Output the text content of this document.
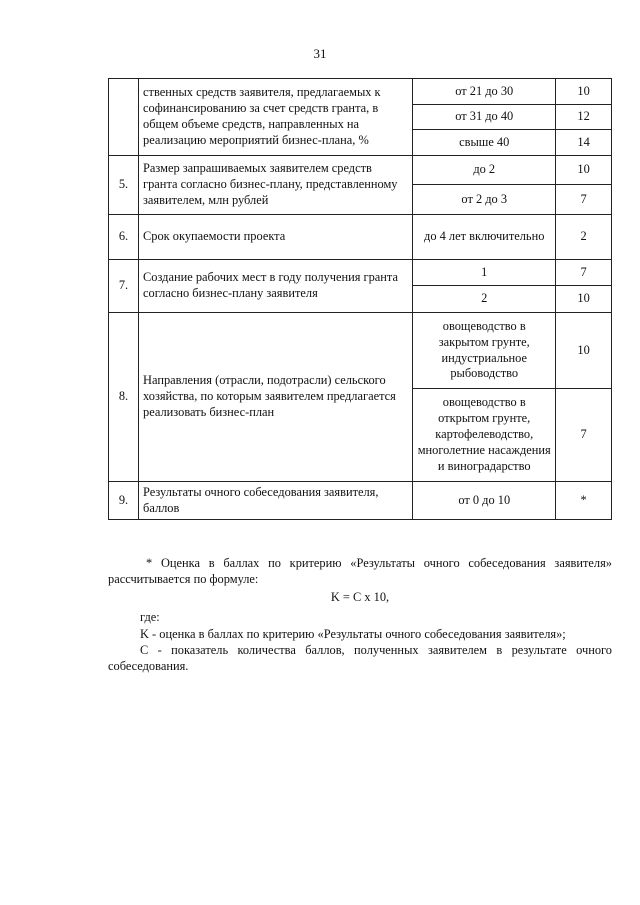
31
	ственных средств заявителя, предлагаемых к софинансированию за счет средств гранта, в общем объеме средств, направленных на реализацию мероприятий бизнес-плана, %	от 21 до 30	10
		от 31 до 40	12
		свыше 40	14
5.	Размер запрашиваемых заявителем средств гранта согласно бизнес-плану, представленному заявителем, млн рублей	до 2	10
		от 2 до 3	7
6.	Срок окупаемости проекта	до 4 лет включительно	2
7.	Создание рабочих мест в году получения гранта согласно бизнес-плану заявителя	1	7
		2	10
8.	Направления (отрасли, подотрасли) сельского хозяйства, по которым заявителем предлагается реализовать бизнес-план	овощеводство в закрытом грунте, индустриальное рыбоводство	10
		овощеводство в открытом грунте, картофелеводство, многолетние насаждения и виноградарство	7
9.	Результаты очного собеседования заявителя, баллов	от 0 до 10	*

* Оценка в баллах по критерию «Результаты очного собеседования заявителя» рассчитывается по формуле:

K = C x 10,

где:

K - оценка в баллах по критерию «Результаты очного собеседования заявителя»;

C - показатель количества баллов, полученных заявителем в результате очного собеседования.
